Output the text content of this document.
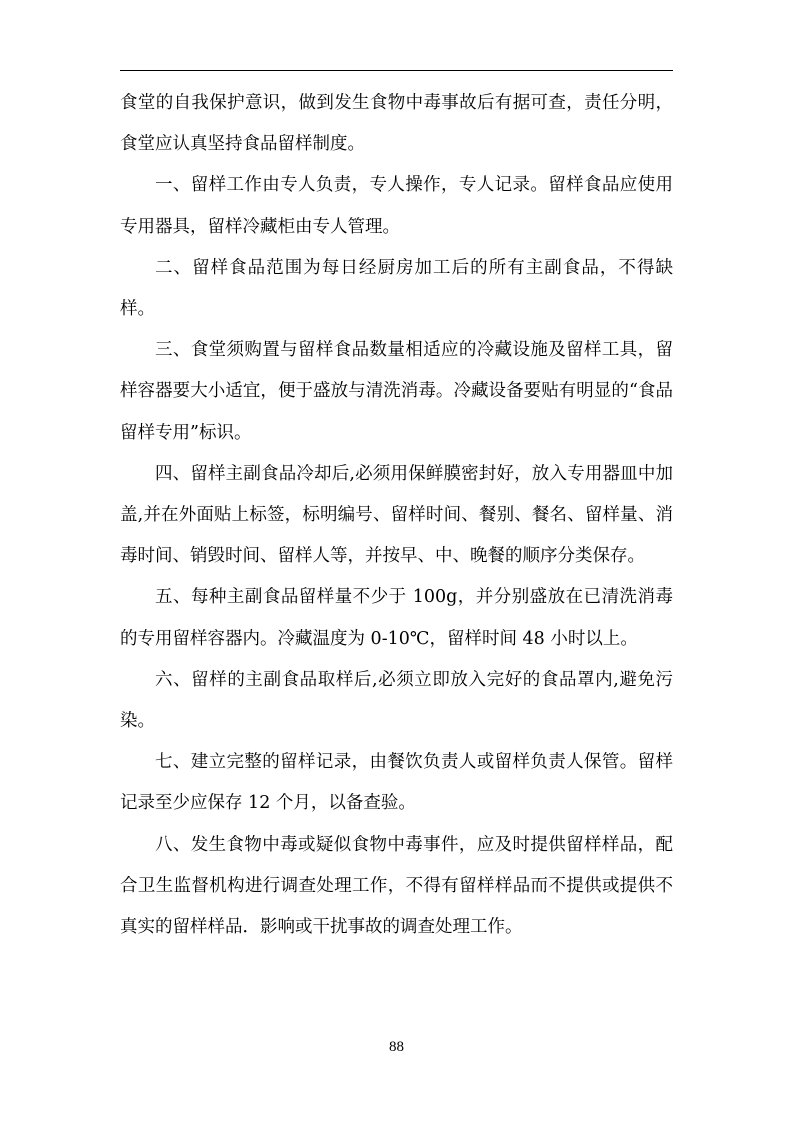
食堂的自我保护意识，做到发生食物中毒事故后有据可查，责任分明，食堂应认真坚持食品留样制度。

一、留样工作由专人负责，专人操作，专人记录。留样食品应使用专用器具，留样冷藏柜由专人管理。

二、留样食品范围为每日经厨房加工后的所有主副食品，不得缺样。

三、食堂须购置与留样食品数量相适应的冷藏设施及留样工具，留样容器要大小适宜，便于盛放与清洗消毒。冷藏设备要贴有明显的“食品留样专用”标识。

四、留样主副食品冷却后,必须用保鲜膜密封好，放入专用器皿中加盖,并在外面贴上标签，标明编号、留样时间、餐别、餐名、留样量、消毒时间、销毁时间、留样人等，并按早、中、晚餐的顺序分类保存。

五、每种主副食品留样量不少于 100g，并分别盛放在已清洗消毒的专用留样容器内。冷藏温度为 0-10℃，留样时间 48 小时以上。

六、留样的主副食品取样后,必须立即放入完好的食品罩内,避免污染。

七、建立完整的留样记录，由餐饮负责人或留样负责人保管。留样记录至少应保存 12 个月，以备查验。

八、发生食物中毒或疑似食物中毒事件，应及时提供留样样品，配合卫生监督机构进行调查处理工作，不得有留样样品而不提供或提供不真实的留样样品．影响或干扰事故的调查处理工作。

88
